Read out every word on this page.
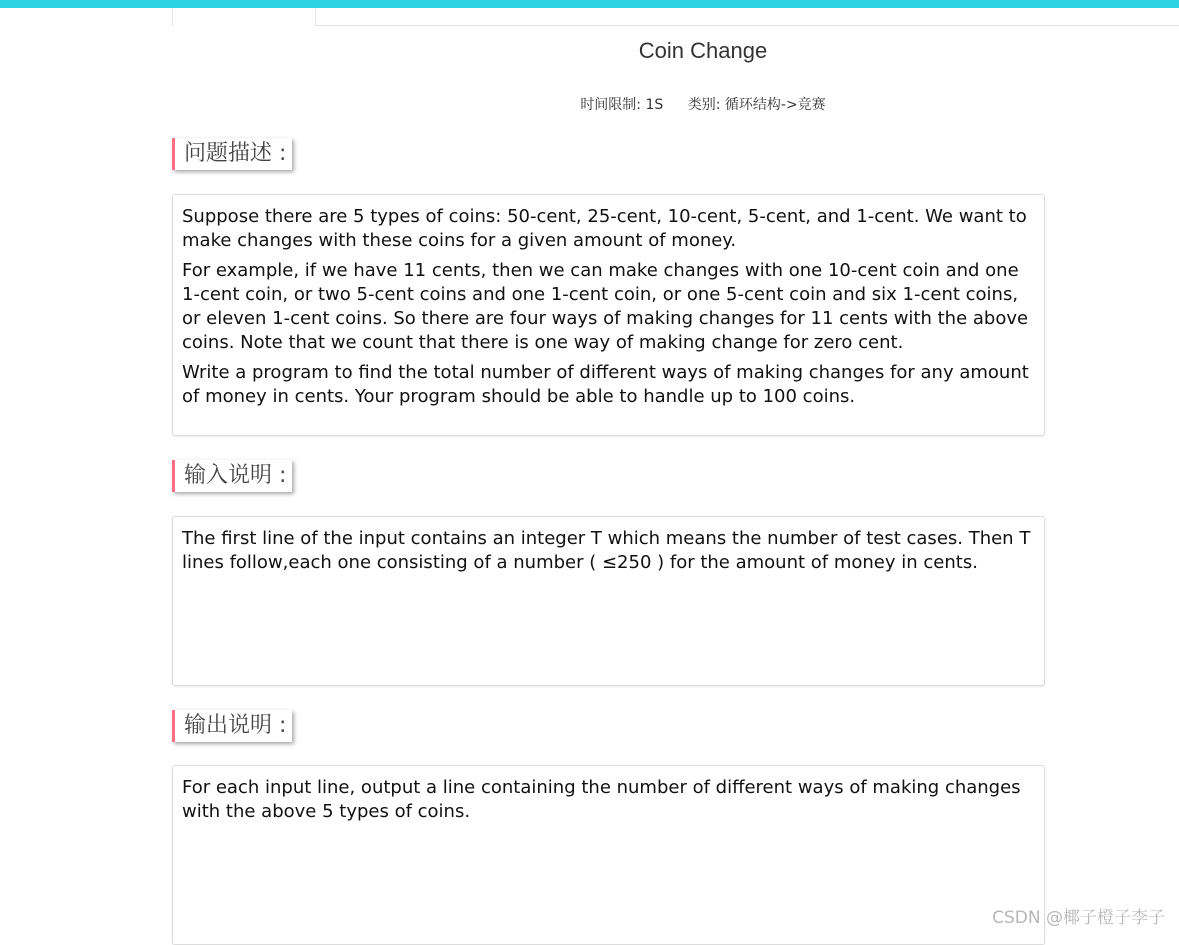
Coin Change
时间限制: 1S 类别: 循环结构->竞赛
问题描述 :

Suppose there are 5 types of coins: 50-cent, 25-cent, 10-cent, 5-cent, and 1-cent. We want to make changes with these coins for a given amount of money.

For example, if we have 11 cents, then we can make changes with one 10-cent coin and one 1-cent coin, or two 5-cent coins and one 1-cent coin, or one 5-cent coin and six 1-cent coins, or eleven 1-cent coins. So there are four ways of making changes for 11 cents with the above coins. Note that we count that there is one way of making change for zero cent.

Write a program to find the total number of different ways of making changes for any amount of money in cents. Your program should be able to handle up to 100 coins.

输入说明 :

The first line of the input contains an integer T which means the number of test cases. Then T lines follow,each one consisting of a number ( ≤250 ) for the amount of money in cents.

输出说明 :

For each input line, output a line containing the number of different ways of making changes with the above 5 types of coins.

CSDN @椰子橙子李子
